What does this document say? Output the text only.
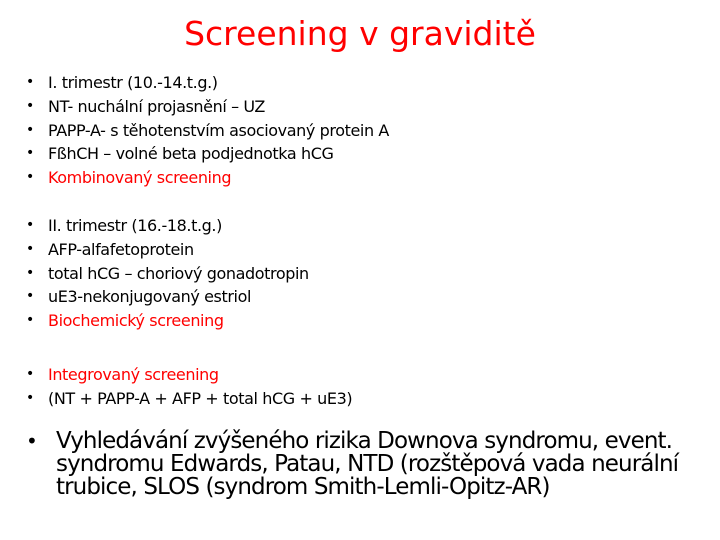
Screening v graviditě
• I. trimestr (10.-14.t.g.)
• NT- nuchální projasnění – UZ
• PAPP-A- s těhotenstvím asociovaný protein A
• FßhCH – volné beta podjednotka hCG
• Kombinovaný screening
• II. trimestr (16.-18.t.g.)
• AFP-alfafetoprotein
• total hCG – choriový gonadotropin
• uE3-nekonjugovaný estriol
• Biochemický screening
• Integrovaný screening
• (NT + PAPP-A + AFP + total hCG + uE3)
• Vyhledávání zvýšeného rizika Downova syndromu, event. syndromu Edwards, Patau, NTD (rozštěpová vada neurální trubice, SLOS (syndrom Smith-Lemli-Opitz-AR)
